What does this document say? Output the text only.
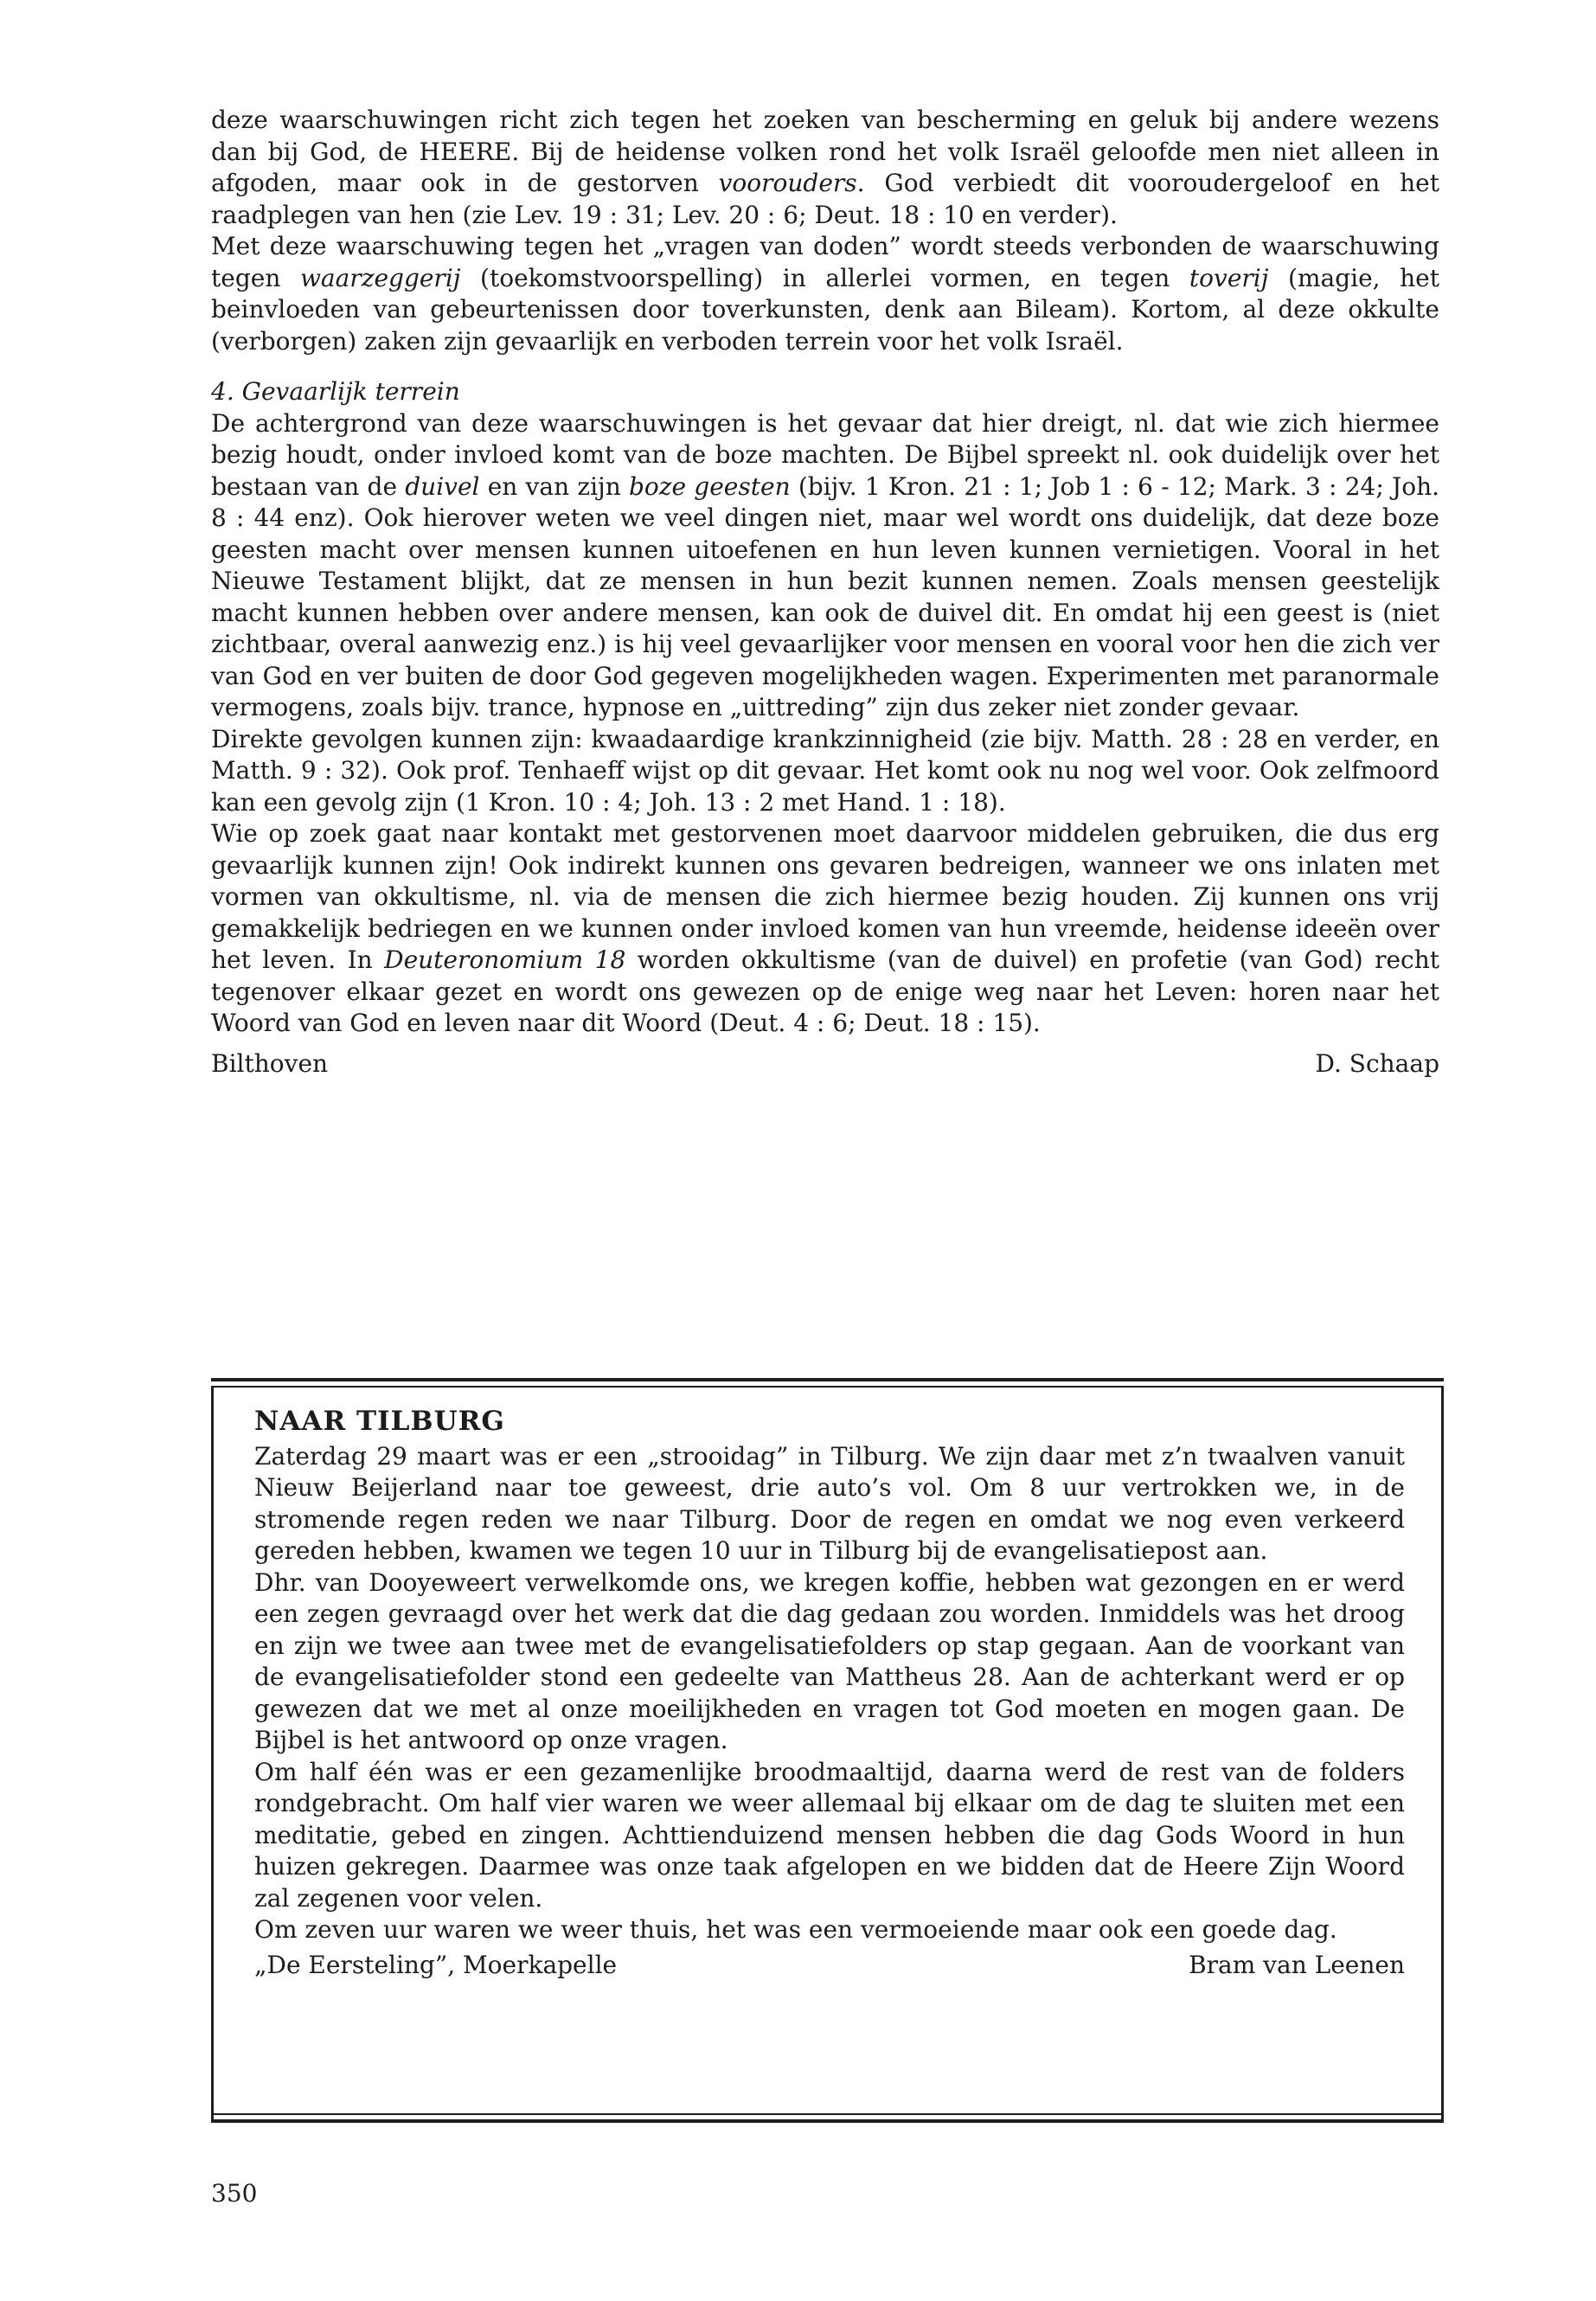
deze waarschuwingen richt zich tegen het zoeken van bescherming en geluk bij andere wezens dan bij God, de HEERE. Bij de heidense volken rond het volk Israël geloofde men niet alleen in afgoden, maar ook in de gestorven voorouders. God verbiedt dit vooroudergeloof en het raadplegen van hen (zie Lev. 19 : 31; Lev. 20 : 6; Deut. 18 : 10 en verder).

Met deze waarschuwing tegen het „vragen van doden” wordt steeds verbonden de waarschuwing tegen waarzeggerij (toekomstvoorspelling) in allerlei vormen, en tegen toverij (magie, het beinvloeden van gebeurtenissen door toverkunsten, denk aan Bileam). Kortom, al deze okkulte (verborgen) zaken zijn gevaarlijk en verboden terrein voor het volk Israël.

4. Gevaarlijk terrein

De achtergrond van deze waarschuwingen is het gevaar dat hier dreigt, nl. dat wie zich hiermee bezig houdt, onder invloed komt van de boze machten. De Bijbel spreekt nl. ook duidelijk over het bestaan van de duivel en van zijn boze geesten (bijv. 1 Kron. 21 : 1; Job 1 : 6 - 12; Mark. 3 : 24; Joh. 8 : 44 enz). Ook hierover weten we veel dingen niet, maar wel wordt ons duidelijk, dat deze boze geesten macht over mensen kunnen uitoefenen en hun leven kunnen vernietigen. Vooral in het Nieuwe Testament blijkt, dat ze mensen in hun bezit kunnen nemen. Zoals mensen geestelijk macht kunnen hebben over andere mensen, kan ook de duivel dit. En omdat hij een geest is (niet zichtbaar, overal aanwezig enz.) is hij veel gevaarlijker voor mensen en vooral voor hen die zich ver van God en ver buiten de door God gegeven mogelijkheden wagen. Experimenten met paranormale vermogens, zoals bijv. trance, hypnose en „uittreding” zijn dus zeker niet zonder gevaar.

Direkte gevolgen kunnen zijn: kwaadaardige krankzinnigheid (zie bijv. Matth. 28 : 28 en verder, en Matth. 9 : 32). Ook prof. Tenhaeff wijst op dit gevaar. Het komt ook nu nog wel voor. Ook zelfmoord kan een gevolg zijn (1 Kron. 10 : 4; Joh. 13 : 2 met Hand. 1 : 18).

Wie op zoek gaat naar kontakt met gestorvenen moet daarvoor middelen gebruiken, die dus erg gevaarlijk kunnen zijn! Ook indirekt kunnen ons gevaren bedreigen, wanneer we ons inlaten met vormen van okkultisme, nl. via de mensen die zich hiermee bezig houden. Zij kunnen ons vrij gemakkelijk bedriegen en we kunnen onder invloed komen van hun vreemde, heidense ideeën over het leven. In Deuteronomium 18 worden okkultisme (van de duivel) en profetie (van God) recht tegenover elkaar gezet en wordt ons gewezen op de enige weg naar het Leven: horen naar het Woord van God en leven naar dit Woord (Deut. 4 : 6; Deut. 18 : 15).

Bilthoven	D. Schaap

NAAR TILBURG

Zaterdag 29 maart was er een „strooidag” in Tilburg. We zijn daar met z’n twaalven vanuit Nieuw Beijerland naar toe geweest, drie auto’s vol. Om 8 uur vertrokken we, in de stromende regen reden we naar Tilburg. Door de regen en omdat we nog even verkeerd gereden hebben, kwamen we tegen 10 uur in Tilburg bij de evangelisatiepost aan.

Dhr. van Dooyeweert verwelkomde ons, we kregen koffie, hebben wat gezongen en er werd een zegen gevraagd over het werk dat die dag gedaan zou worden. Inmiddels was het droog en zijn we twee aan twee met de evangelisatiefolders op stap gegaan. Aan de voorkant van de evangelisatiefolder stond een gedeelte van Mattheus 28. Aan de achterkant werd er op gewezen dat we met al onze moeilijkheden en vragen tot God moeten en mogen gaan. De Bijbel is het antwoord op onze vragen.

Om half één was er een gezamenlijke broodmaaltijd, daarna werd de rest van de folders rondgebracht. Om half vier waren we weer allemaal bij elkaar om de dag te sluiten met een meditatie, gebed en zingen. Achttienduizend mensen hebben die dag Gods Woord in hun huizen gekregen. Daarmee was onze taak afgelopen en we bidden dat de Heere Zijn Woord zal zegenen voor velen.

Om zeven uur waren we weer thuis, het was een vermoeiende maar ook een goede dag.

„De Eersteling”, Moerkapelle	Bram van Leenen
350
